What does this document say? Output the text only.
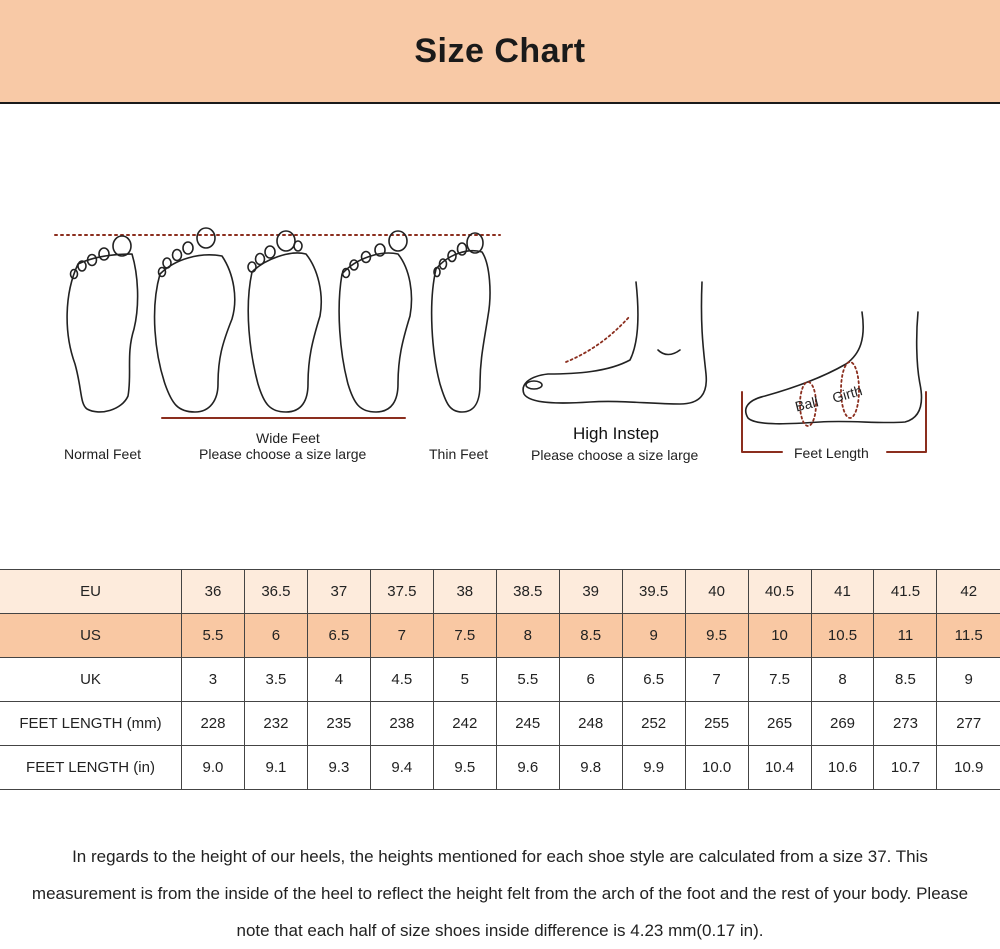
Size Chart
Normal Feet
Wide Feet
Please choose a size large	Thin Feet
High Instep
Please choose a size large
Ball Girth
Feet Length
EU	36	36.5	37	37.5	38	38.5	39	39.5	40	40.5	41	41.5	42
US	5.5	6	6.5	7	7.5	8	8.5	9	9.5	10	10.5	11	11.5
UK	3	3.5	4	4.5	5	5.5	6	6.5	7	7.5	8	8.5	9
FEET LENGTH (mm)	228	232	235	238	242	245	248	252	255	265	269	273	277
FEET LENGTH (in)	9.0	9.1	9.3	9.4	9.5	9.6	9.8	9.9	10.0	10.4	10.6	10.7	10.9
In regards to the height of our heels, the heights mentioned for each shoe style are calculated from a size 37. This measurement is from the inside of the heel to reflect the height felt from the arch of the foot and the rest of your body. Please note that each half of size shoes inside difference is 4.23 mm(0.17 in).
